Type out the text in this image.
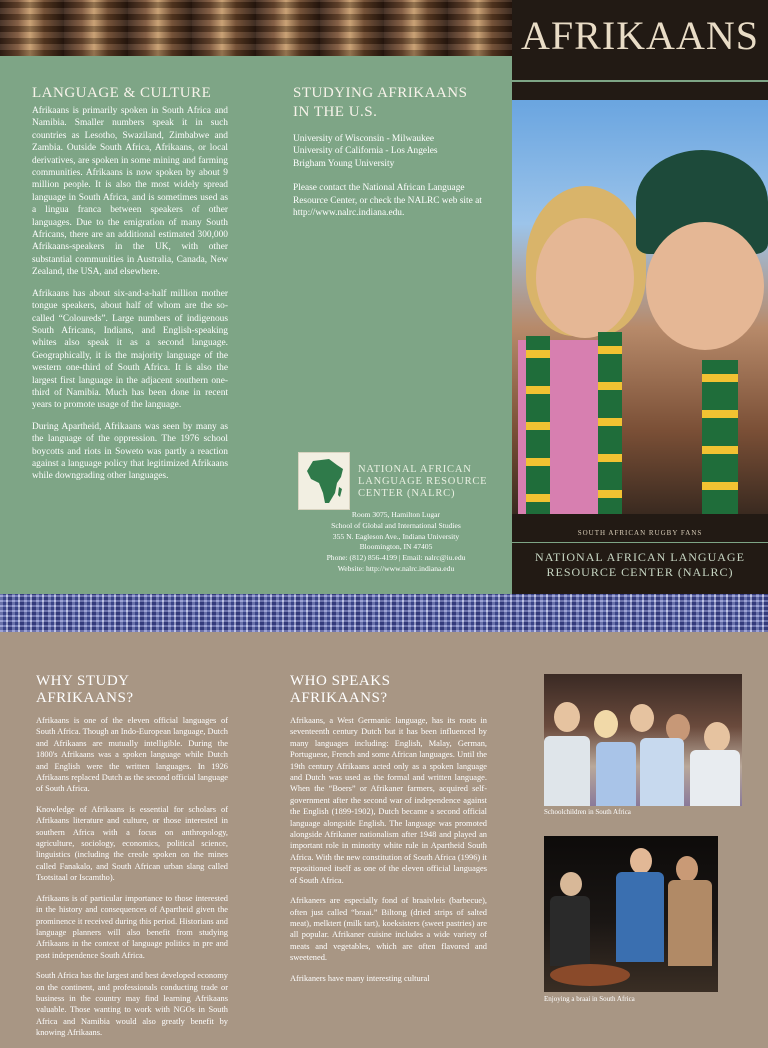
AFRIKAANS
SOUTH AFRICAN RUGBY FANS
NATIONAL AFRICAN LANGUAGE
RESOURCE CENTER (NALRC)
LANGUAGE & CULTURE

Afrikaans is primarily spoken in South Africa and Namibia. Smaller numbers speak it in such countries as Lesotho, Swaziland, Zimbabwe and Zambia. Outside South Africa, Afrikaans, or local derivatives, are spoken in some mining and farming communities. Afrikaans is now spoken by about 9 million people. It is also the most widely spread language in South Africa, and is sometimes used as a lingua franca between speakers of other languages. Due to the emigration of many South Africans, there are an additional estimated 300,000 Afrikaans-speakers in the UK, with other substantial communities in Australia, Canada, New Zealand, the USA, and elsewhere.

Afrikaans has about six-and-a-half million mother tongue speakers, about half of whom are the so-called “Coloureds”. Large numbers of indigenous South Africans, Indians, and English-speaking whites also speak it as a second language. Geographically, it is the majority language of the western one-third of South Africa. It is also the largest first language in the adjacent southern one-third of Namibia. Much has been done in recent years to promote usage of the language.

During Apartheid, Afrikaans was seen by many as the language of the oppression. The 1976 school boycotts and riots in Soweto was partly a reaction against a language policy that legitimized Afrikaans while downgrading other languages.

STUDYING AFRIKAANS
IN THE U.S.
University of Wisconsin - Milwaukee
University of California - Los Angeles
Brigham Young University

Please contact the National African Language Resource Center, or check the NALRC web site at http://www.nalrc.indiana.edu.

NATIONAL AFRICAN
LANGUAGE RESOURCE
CENTER (NALRC)
Room 3075, Hamilton Lugar
School of Global and International Studies
355 N. Eagleson Ave., Indiana University
Bloomington, IN 47405
Phone: (812) 856-4199 | Email: nalrc@iu.edu
Website: http://www.nalrc.indiana.edu
WHY STUDY AFRIKAANS?

Afrikaans is one of the eleven official languages of South Africa. Though an Indo-European language, Dutch and Afrikaans are mutually intelligible. During the 1800's Afrikaans was a spoken language while Dutch and English were the written languages. In 1926 Afrikaans replaced Dutch as the second official language of South Africa.

Knowledge of Afrikaans is essential for scholars of Afrikaans literature and culture, or those interested in southern Africa with a focus on anthropology, agriculture, sociology, economics, political science, linguistics (including the creole spoken on the mines called Fanakalo, and South African urban slang called Tsotsitaal or Iscamtho).

Afrikaans is of particular importance to those interested in the history and consequences of Apartheid given the prominence it received during this period. Historians and language planners will also benefit from studying Afrikaans in the context of language politics in pre and post independence South Africa.

South Africa has the largest and best developed economy on the continent, and professionals conducting trade or business in the country may find learning Afrikaans valuable. Those wanting to work with NGOs in South Africa and Namibia would also greatly benefit by knowing Afrikaans.

WHO SPEAKS AFRIKAANS?

Afrikaans, a West Germanic language, has its roots in seventeenth century Dutch but it has been influenced by many languages including: English, Malay, German, Portuguese, French and some African languages. Until the 19th century Afrikaans acted only as a spoken language and Dutch was used as the formal and written language. When the “Boers” or Afrikaner farmers, acquired self-government after the second war of independence against the English (1899-1902), Dutch became a second official language alongside English. The language was promoted alongside Afrikaner nationalism after 1948 and played an important role in minority white rule in Apartheid South Africa. With the new constitution of South Africa (1996) it repositioned itself as one of the eleven official languages of South Africa.

Afrikaners are especially fond of braaivleis (barbecue), often just called “braai.” Biltong (dried strips of salted meat), melktert (milk tart), koeksisters (sweet pastries) are all popular. Afrikaner cuisine includes a wide variety of meats and vegetables, which are often flavored and sweetened.

Afrikaners have many interesting cultural

Schoolchildren in South Africa
Enjoying a braai in South Africa
